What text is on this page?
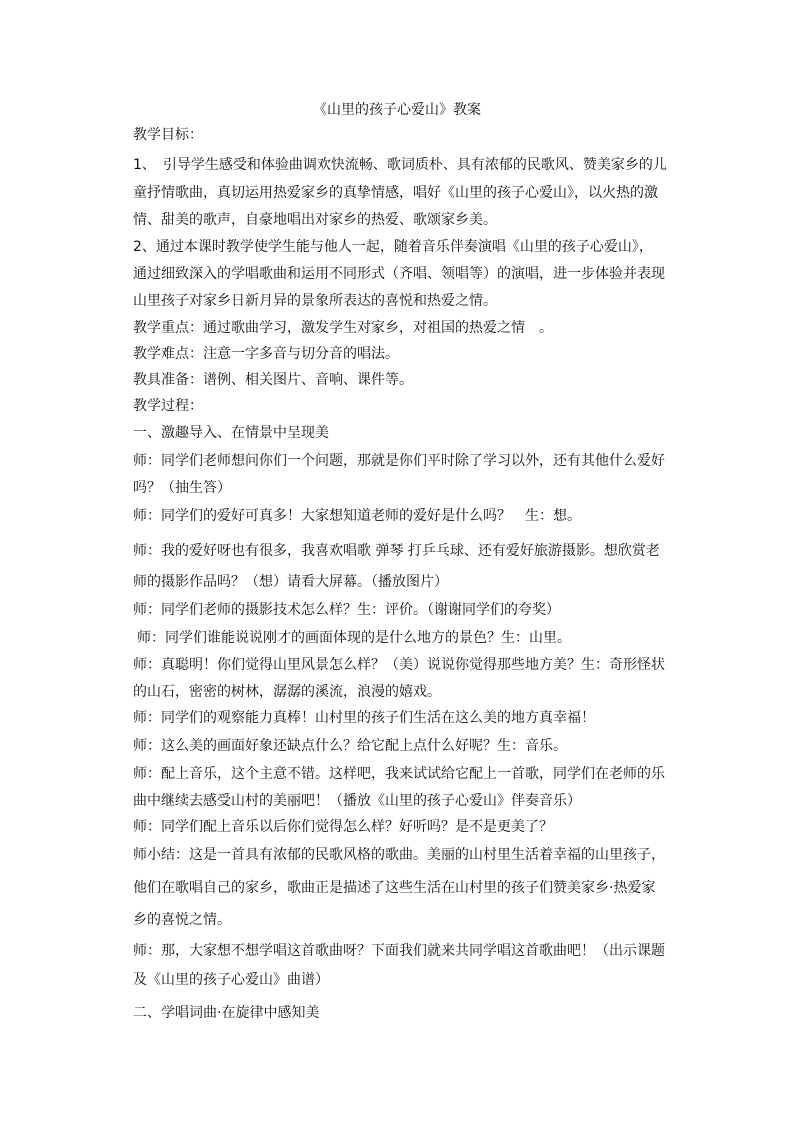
《山里的孩子心爱山》教案
教学目标：
1、　引导学生感受和体验曲调欢快流畅、歌词质朴、具有浓郁的民歌风、赞美家乡的儿
童抒情歌曲，真切运用热爱家乡的真挚情感，唱好《山里的孩子心爱山》，以火热的激
情、甜美的歌声，自豪地唱出对家乡的热爱、歌颂家乡美。
2、通过本课时教学使学生能与他人一起，随着音乐伴奏演唱《山里的孩子心爱山》，
通过细致深入的学唱歌曲和运用不同形式（齐唱、领唱等）的演唱，进一步体验并表现
山里孩子对家乡日新月异的景象所表达的喜悦和热爱之情。
教学重点：通过歌曲学习，激发学生对家乡，对祖国的热爱之情　。
教学难点：注意一字多音与切分音的唱法。
教具准备：谱例、相关图片、音响、课件等。
教学过程：
一、激趣导入、在情景中呈现美
师：同学们老师想问你们一个问题，那就是你们平时除了学习以外，还有其他什么爱好
吗？（抽生答）
师：同学们的爱好可真多！大家想知道老师的爱好是什么吗？　生：想。
师：我的爱好呀也有很多，我喜欢唱歌 弹琴 打乒乓球、还有爱好旅游摄影。想欣赏老
师的摄影作品吗？（想）请看大屏幕。（播放图片）
师：同学们老师的摄影技术怎么样？生：评价。（谢谢同学们的夸奖）
师：同学们谁能说说刚才的画面体现的是什么地方的景色？生：山里。
师：真聪明！你们觉得山里风景怎么样？（美）说说你觉得那些地方美？生：奇形怪状
的山石，密密的树林，潺潺的溪流，浪漫的嬉戏。
师：同学们的观察能力真棒！山村里的孩子们生活在这么美的地方真幸福！
师：这么美的画面好象还缺点什么？给它配上点什么好呢？生：音乐。
师：配上音乐，这个主意不错。这样吧，我来试试给它配上一首歌，同学们在老师的乐
曲中继续去感受山村的美丽吧！（播放《山里的孩子心爱山》伴奏音乐）
师：同学们配上音乐以后你们觉得怎么样？好听吗？是不是更美了？
师小结：这是一首具有浓郁的民歌风格的歌曲。美丽的山村里生活着幸福的山里孩子，
他们在歌唱自己的家乡，歌曲正是描述了这些生活在山村里的孩子们赞美家乡·热爱家
乡的喜悦之情。
师：那，大家想不想学唱这首歌曲呀？下面我们就来共同学唱这首歌曲吧！（出示课题
及《山里的孩子心爱山》曲谱）
二、学唱词曲·在旋律中感知美
